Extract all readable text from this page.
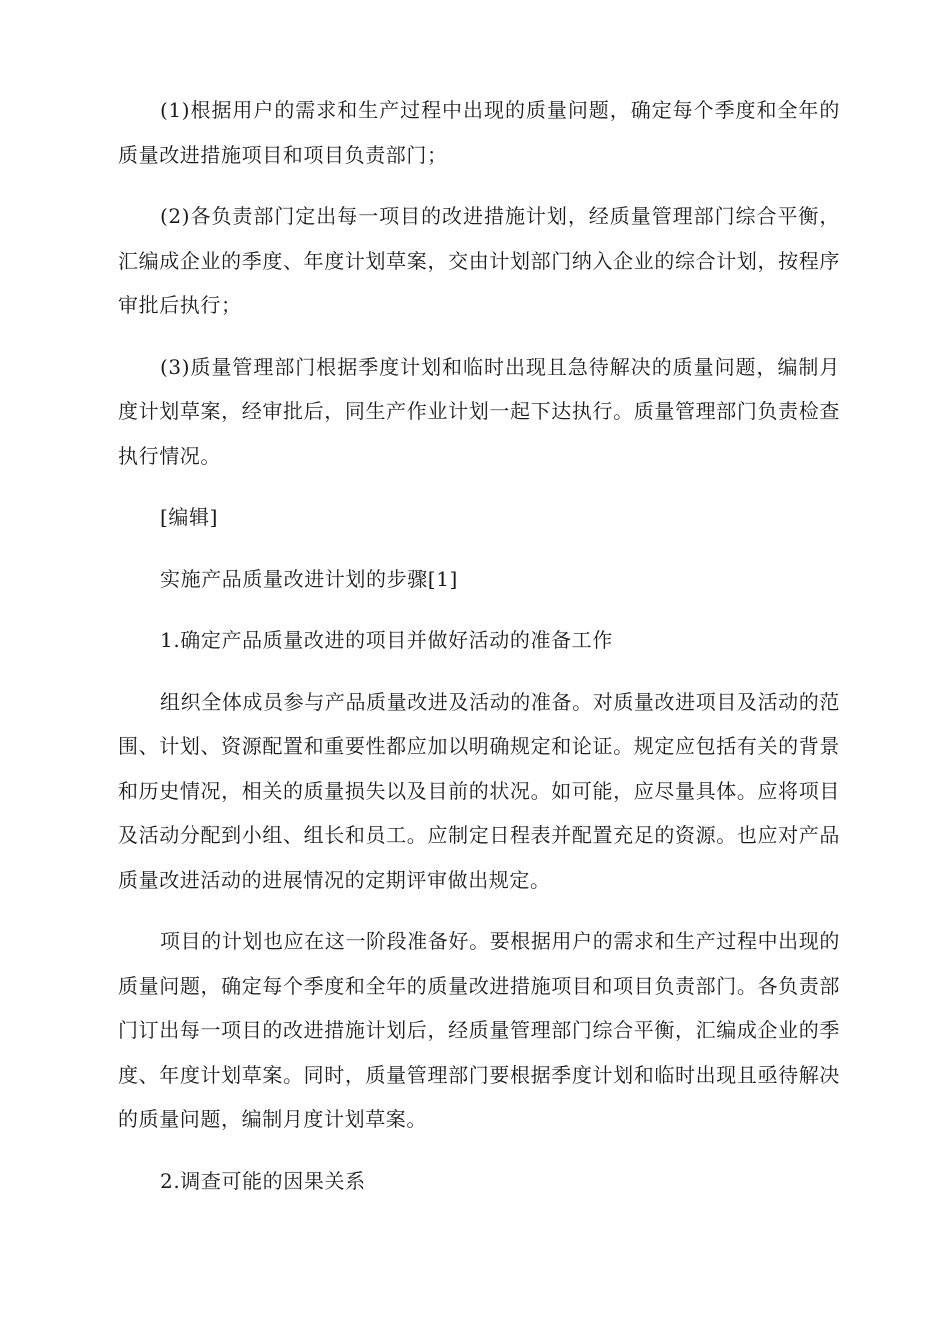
(1)根据用户的需求和生产过程中出现的质量问题，确定每个季度和全年的质量改进措施项目和项目负责部门；

(2)各负责部门定出每一项目的改进措施计划，经质量管理部门综合平衡，汇编成企业的季度、年度计划草案，交由计划部门纳入企业的综合计划，按程序审批后执行；

(3)质量管理部门根据季度计划和临时出现且急待解决的质量问题，编制月度计划草案，经审批后，同生产作业计划一起下达执行。质量管理部门负责检查执行情况。

[编辑]

实施产品质量改进计划的步骤[1]

1.确定产品质量改进的项目并做好活动的准备工作

组织全体成员参与产品质量改进及活动的准备。对质量改进项目及活动的范围、计划、资源配置和重要性都应加以明确规定和论证。规定应包括有关的背景和历史情况，相关的质量损失以及目前的状况。如可能，应尽量具体。应将项目及活动分配到小组、组长和员工。应制定日程表并配置充足的资源。也应对产品质量改进活动的进展情况的定期评审做出规定。

项目的计划也应在这一阶段准备好。要根据用户的需求和生产过程中出现的质量问题，确定每个季度和全年的质量改进措施项目和项目负责部门。各负责部门订出每一项目的改进措施计划后，经质量管理部门综合平衡，汇编成企业的季度、年度计划草案。同时，质量管理部门要根据季度计划和临时出现且亟待解决的质量问题，编制月度计划草案。

2.调查可能的因果关系
